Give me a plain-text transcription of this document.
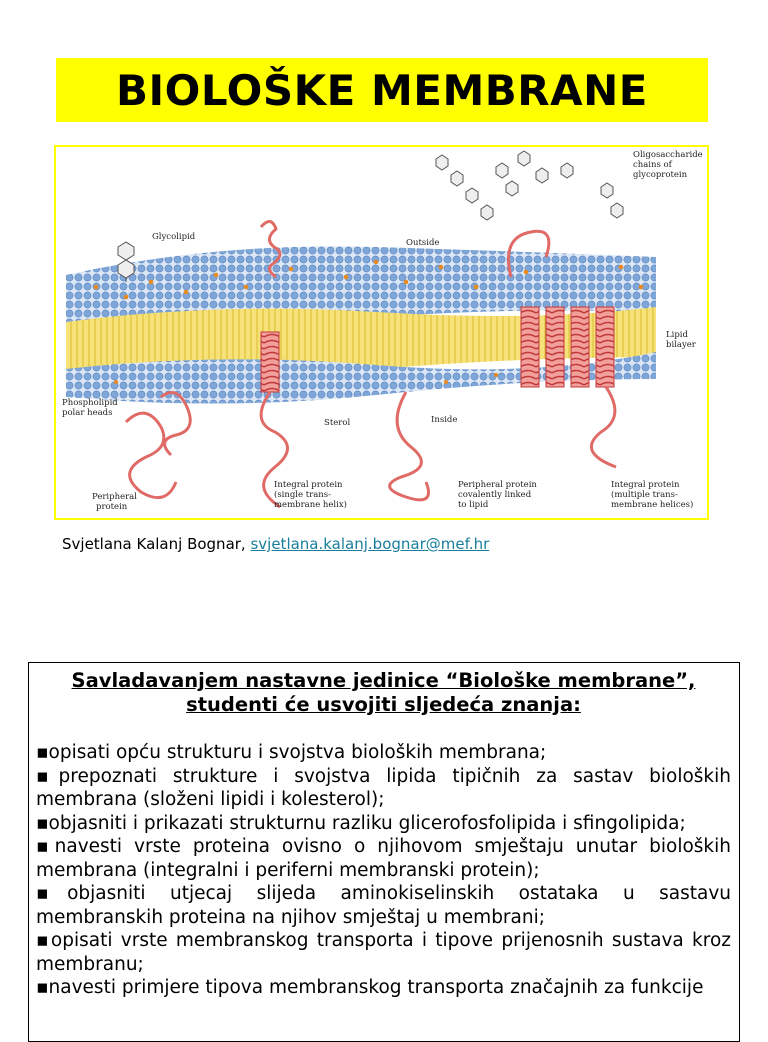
BIOLOŠKE MEMBRANE
Oligosaccharide
chains of
glycoprotein
Glycolipid
Outside
Inside
Lipid
bilayer
Phospholipid
polar heads
Sterol
Peripheral
protein
Integral protein
(single trans-
membrane helix)
Peripheral protein
covalently linked
to lipid
Integral protein
(multiple trans-
membrane helices)
Svjetlana Kalanj Bognar, svjetlana.kalanj.bognar@mef.hr
Savladavanjem nastavne jedinice “Biološke membrane”, studenti će usvojiti sljedeća znanja:
▪opisati opću strukturu i svojstva bioloških membrana;
▪prepoznati strukture i svojstva lipida tipičnih za sastav bioloških membrana (složeni lipidi i kolesterol);
▪objasniti i prikazati strukturnu razliku glicerofosfolipida i sfingolipida;
▪navesti vrste proteina ovisno o njihovom smještaju unutar bioloških membrana (integralni i periferni membranski protein);
▪objasniti utjecaj slijeda aminokiselinskih ostataka u sastavu membranskih proteina na njihov smještaj u membrani;
▪opisati vrste membranskog transporta i tipove prijenosnih sustava kroz membranu;
▪navesti primjere tipova membranskog transporta značajnih za funkcije
